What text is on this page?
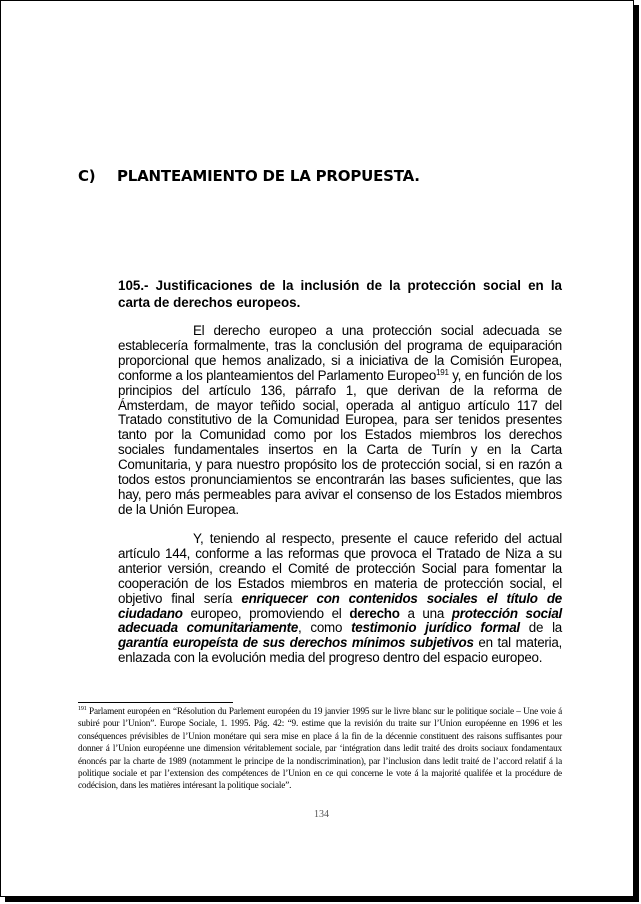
C) PLANTEAMIENTO DE LA PROPUESTA.
105.- Justificaciones de la inclusión de la protección social en la carta de derechos europeos.
El derecho europeo a una protección social adecuada se establecería formalmente, tras la conclusión del programa de equiparación proporcional que hemos analizado, si a iniciativa de la Comisión Europea, conforme a los planteamientos del Parlamento Europeo$^{191}$ y, en función de los principios del artículo 136, párrafo 1, que derivan de la reforma de Ámsterdam, de mayor teñido social, operada al antiguo artículo 117 del Tratado constitutivo de la Comunidad Europea, para ser tenidos presentes tanto por la Comunidad como por los Estados miembros los derechos sociales fundamentales insertos en la Carta de Turín y en la Carta Comunitaria, y para nuestro propósito los de protección social, si en razón a todos estos pronunciamientos se encontrarán las bases suficientes, que las hay, pero más permeables para avivar el consenso de los Estados miembros de la Unión Europea.
Y, teniendo al respecto, presente el cauce referido del actual artículo 144, conforme a las reformas que provoca el Tratado de Niza a su anterior versión, creando el Comité de protección Social para fomentar la cooperación de los Estados miembros en materia de protección social, el objetivo final sería enriquecer con contenidos sociales el título de ciudadano europeo, promoviendo el derecho a una protección social adecuada comunitariamente, como testimonio jurídico formal de la garantía europeísta de sus derechos mínimos subjetivos en tal materia, enlazada con la evolución media del progreso dentro del espacio europeo.
$^{191}$ Parlament européen en “Résolution du Parlement européen du 19 janvier 1995 sur le livre blanc sur le politique sociale – Une voie á subiré pour l’Union”. Europe Sociale, 1. 1995. Pág. 42: “9. estime que la revisión du traite sur l’Union européenne en 1996 et les conséquences prévisibles de l’Union monétare qui sera mise en place á la fin de la décennie constituent des raisons suffisantes pour donner á l’Union européenne une dimension véritablement sociale, par ‘intégration dans ledit traité des droits sociaux fondamentaux énoncés par la charte de 1989 (notamment le principe de la nondiscrimination), par l’inclusion dans ledit traité de l’accord relatif á la politique sociale et par l’extension des compétences de l’Union en ce qui concerne le vote á la majorité qualifée et la procédure de codécision, dans les matières intéresant la politique sociale”.
134
